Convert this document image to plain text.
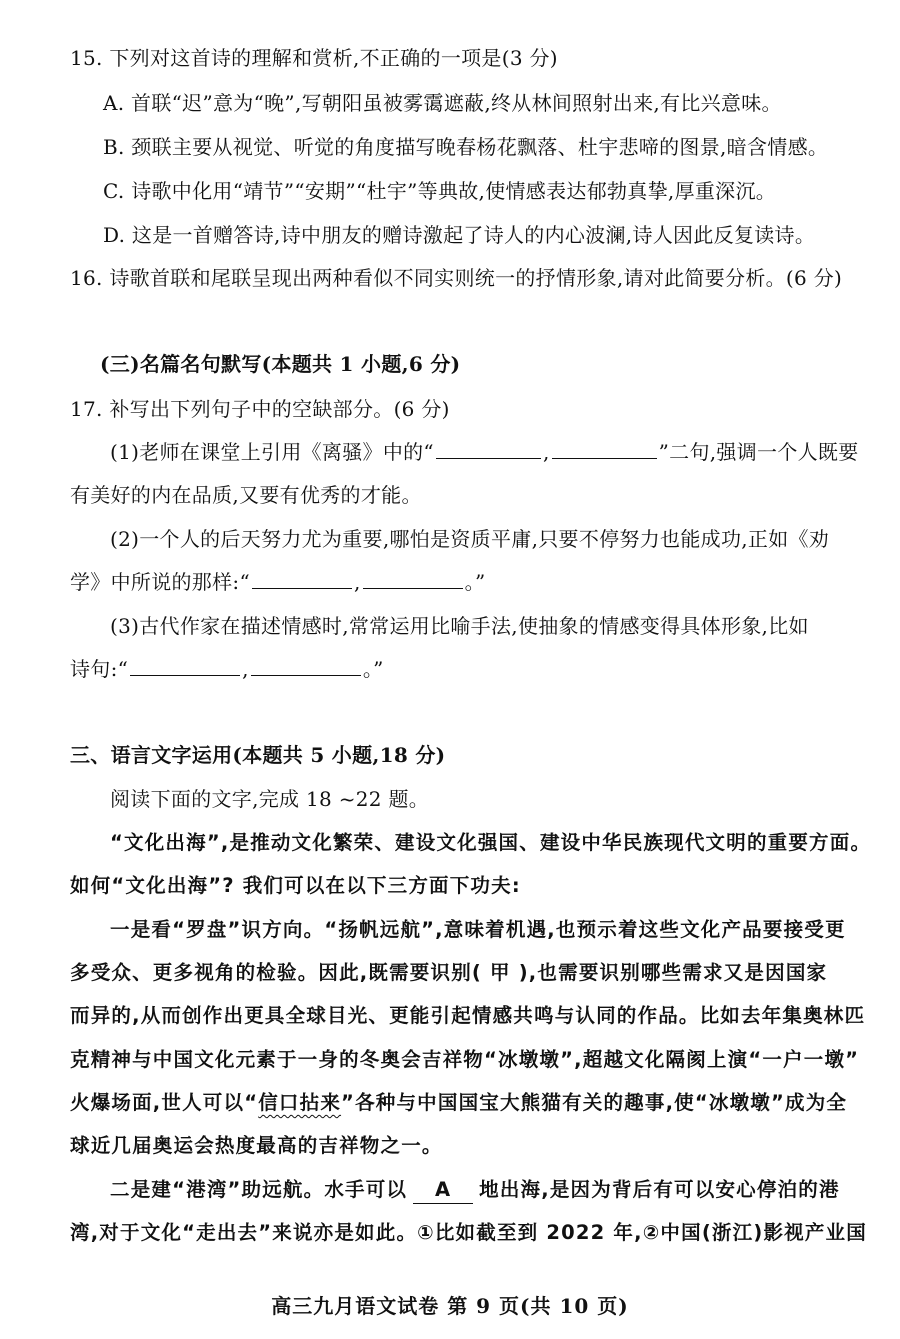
15. 下列对这首诗的理解和赏析,不正确的一项是(3 分)
A. 首联“迟”意为“晚”,写朝阳虽被雾霭遮蔽,终从林间照射出来,有比兴意味。
B. 颈联主要从视觉、听觉的角度描写晚春杨花飘落、杜宇悲啼的图景,暗含情感。
C. 诗歌中化用“靖节”“安期”“杜宇”等典故,使情感表达郁勃真挚,厚重深沉。
D. 这是一首赠答诗,诗中朋友的赠诗激起了诗人的内心波澜,诗人因此反复读诗。
16. 诗歌首联和尾联呈现出两种看似不同实则统一的抒情形象,请对此简要分析。(6 分)
(三)名篇名句默写(本题共 1 小题,6 分)
17. 补写出下列句子中的空缺部分。(6 分)
(1)老师在课堂上引用《离骚》中的“	,	”二句,强调一个人既要
有美好的内在品质,又要有优秀的才能。
(2)一个人的后天努力尤为重要,哪怕是资质平庸,只要不停努力也能成功,正如《劝
学》中所说的那样:“	,	。”
(3)古代作家在描述情感时,常常运用比喻手法,使抽象的情感变得具体形象,比如
诗句:“	,	。”
三、语言文字运用(本题共 5 小题,18 分)
阅读下面的文字,完成 18 ~22 题。
“文化出海”,是推动文化繁荣、建设文化强国、建设中华民族现代文明的重要方面。
如何“文化出海”? 我们可以在以下三方面下功夫:
一是看“罗盘”识方向。“扬帆远航”,意味着机遇,也预示着这些文化产品要接受更
多受众、更多视角的检验。因此,既需要识别( 甲 ),也需要识别哪些需求又是因国家
而异的,从而创作出更具全球目光、更能引起情感共鸣与认同的作品。比如去年集奥林匹
克精神与中国文化元素于一身的冬奥会吉祥物“冰墩墩”,超越文化隔阂上演“一户一墩”
火爆场面,世人可以“信口拈来”各种与中国国宝大熊猫有关的趣事,使“冰墩墩”成为全
球近几届奥运会热度最高的吉祥物之一。
二是建“港湾”助远航。水手可以 A 地出海,是因为背后有可以安心停泊的港
湾,对于文化“走出去”来说亦是如此。①比如截至到 2022 年,②中国(浙江)影视产业国
高三九月语文试卷 第 9 页(共 10 页)
